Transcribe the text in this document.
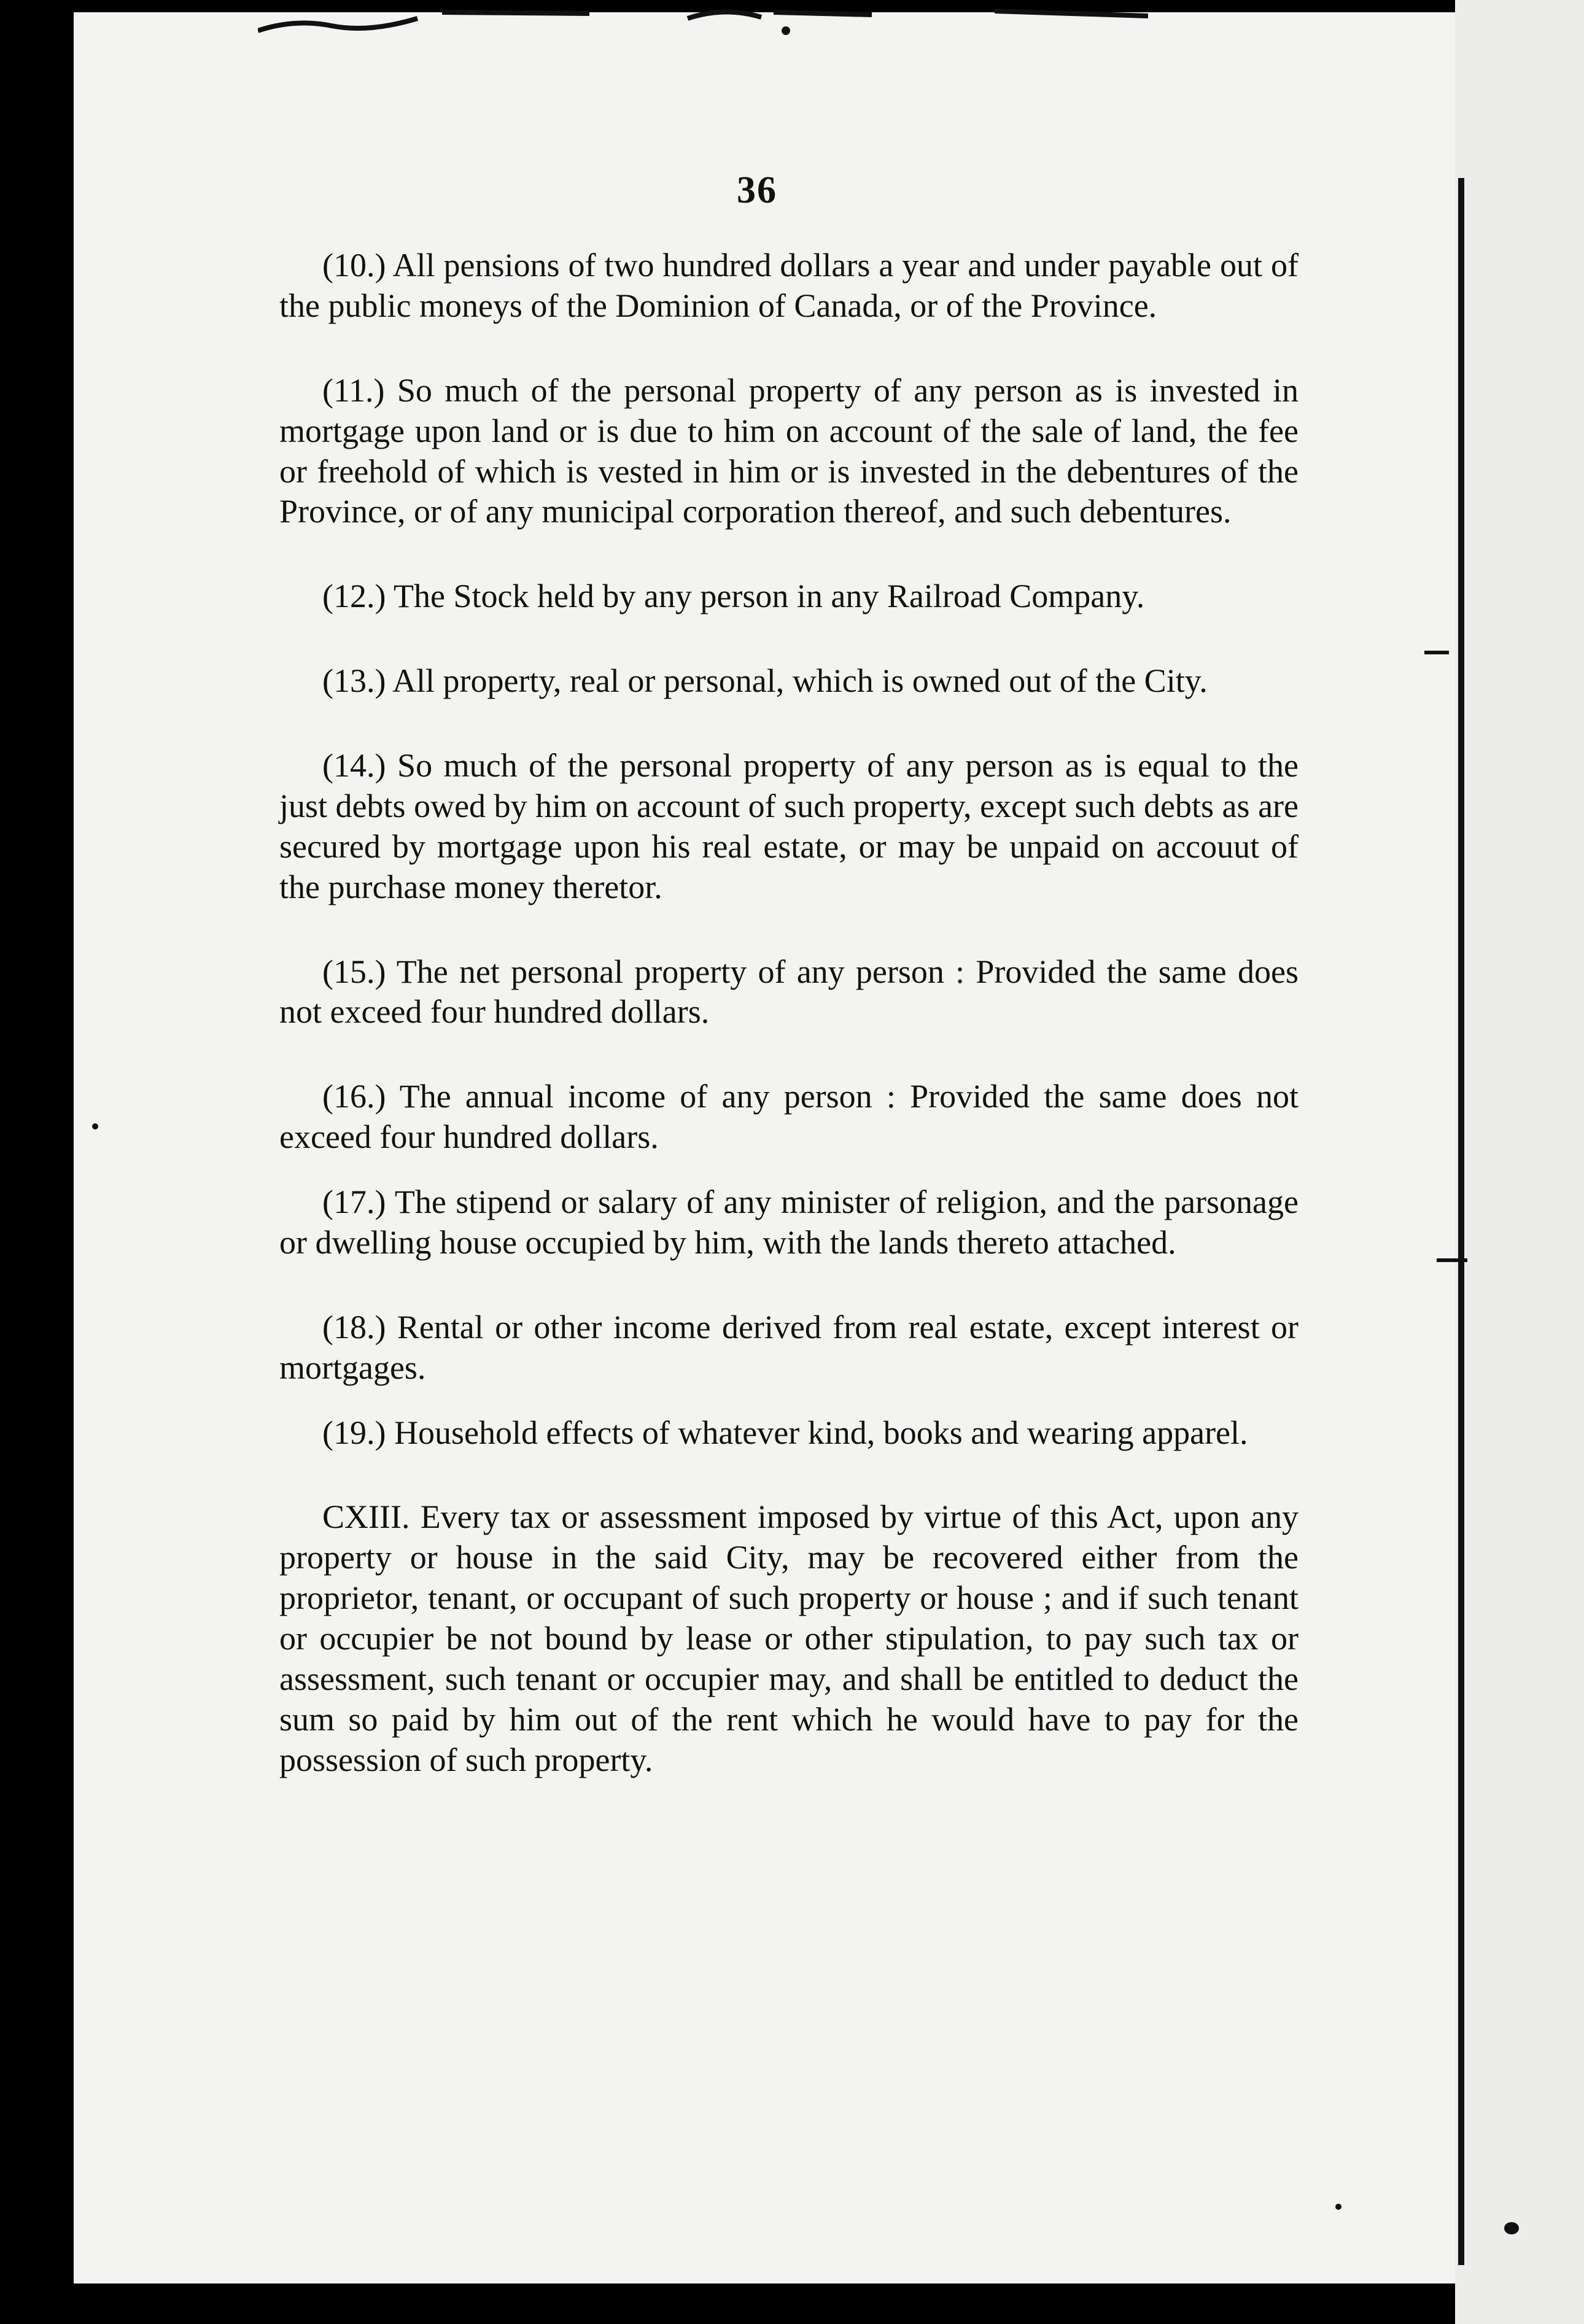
36

(10.) All pensions of two hundred dollars a year and under payable out of the public moneys of the Dominion of Canada, or of the Province.

(11.) So much of the personal property of any person as is invested in mortgage upon land or is due to him on account of the sale of land, the fee or freehold of which is vested in him or is invested in the debentures of the Province, or of any municipal corporation thereof, and such debentures.

(12.) The Stock held by any person in any Railroad Company.

(13.) All property, real or personal, which is owned out of the City.

(14.) So much of the personal property of any person as is equal to the just debts owed by him on account of such property, except such debts as are secured by mortgage upon his real estate, or may be unpaid on accouut of the purchase money theretor.

(15.) The net personal property of any person : Provided the same does not exceed four hundred dollars.

(16.) The annual income of any person : Provided the same does not exceed four hundred dollars.

(17.) The stipend or salary of any minister of religion, and the parsonage or dwelling house occupied by him, with the lands thereto attached.

(18.) Rental or other income derived from real estate, except interest or mortgages.

(19.) Household effects of whatever kind, books and wearing apparel.

CXIII. Every tax or assessment imposed by virtue of this Act, upon any property or house in the said City, may be recovered either from the proprietor, tenant, or occupant of such property or house ; and if such tenant or occupier be not bound by lease or other stipulation, to pay such tax or assessment, such tenant or occupier may, and shall be entitled to deduct the sum so paid by him out of the rent which he would have to pay for the possession of such property.
